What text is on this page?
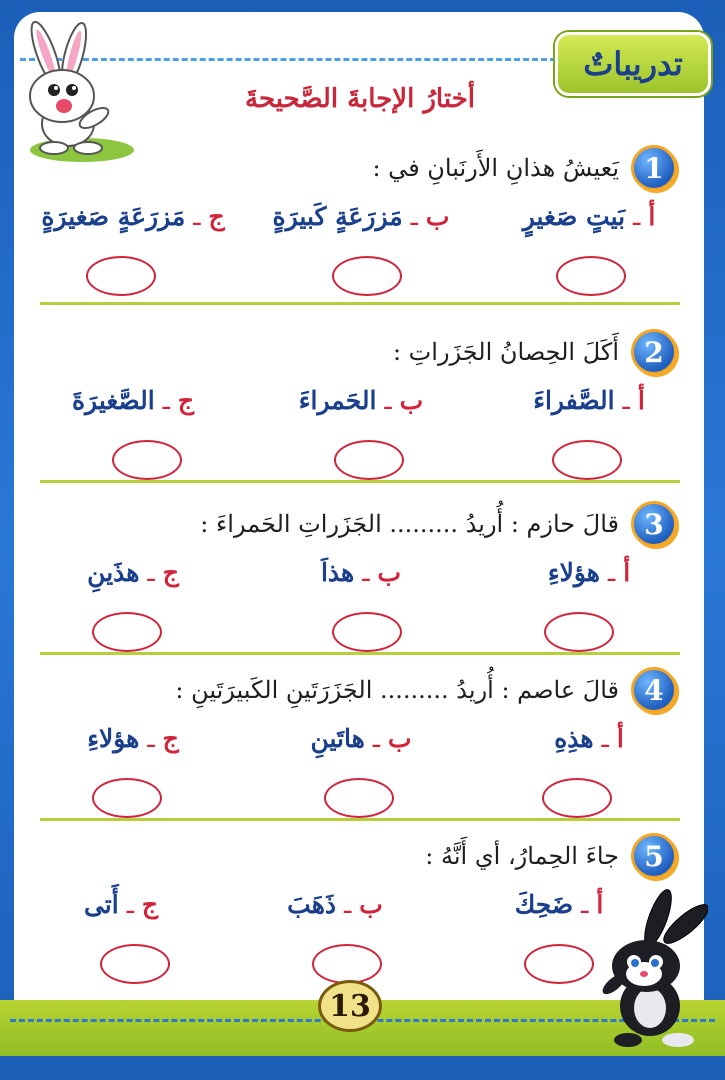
تدريباتٌ
أختارُ الإجابةَ الصَّحيحةَ
1
يَعيشُ هذانِ الأَرنَبانِ في :
أ ـ بَيتٍ صَغيرٍ
ب ـ مَزرَعَةٍ كَبيرَةٍ
ج ـ مَزرَعَةٍ صَغيرَةٍ
2
أَكَلَ الحِصانُ الجَزَراتِ :
أ ـ الصَّفراءَ
ب ـ الحَمراءَ
ج ـ الصَّغيرَةَ
3
قالَ حازم : أُريدُ ......... الجَزَراتِ الحَمراءَ :
أ ـ هؤلاءِ
ب ـ هذاَ
ج ـ هذَينِ
4
قالَ عاصم : أُريدُ ......... الجَزَرَتَينِ الكَبيرَتَينِ :
أ ـ هذِهِ
ب ـ هاتَينِ
ج ـ هؤلاءِ
5
جاءَ الحِمارُ، أي أَنَّهُ :
أ ـ ضَحِكَ
ب ـ ذَهَبَ
ج ـ أَتى
13
